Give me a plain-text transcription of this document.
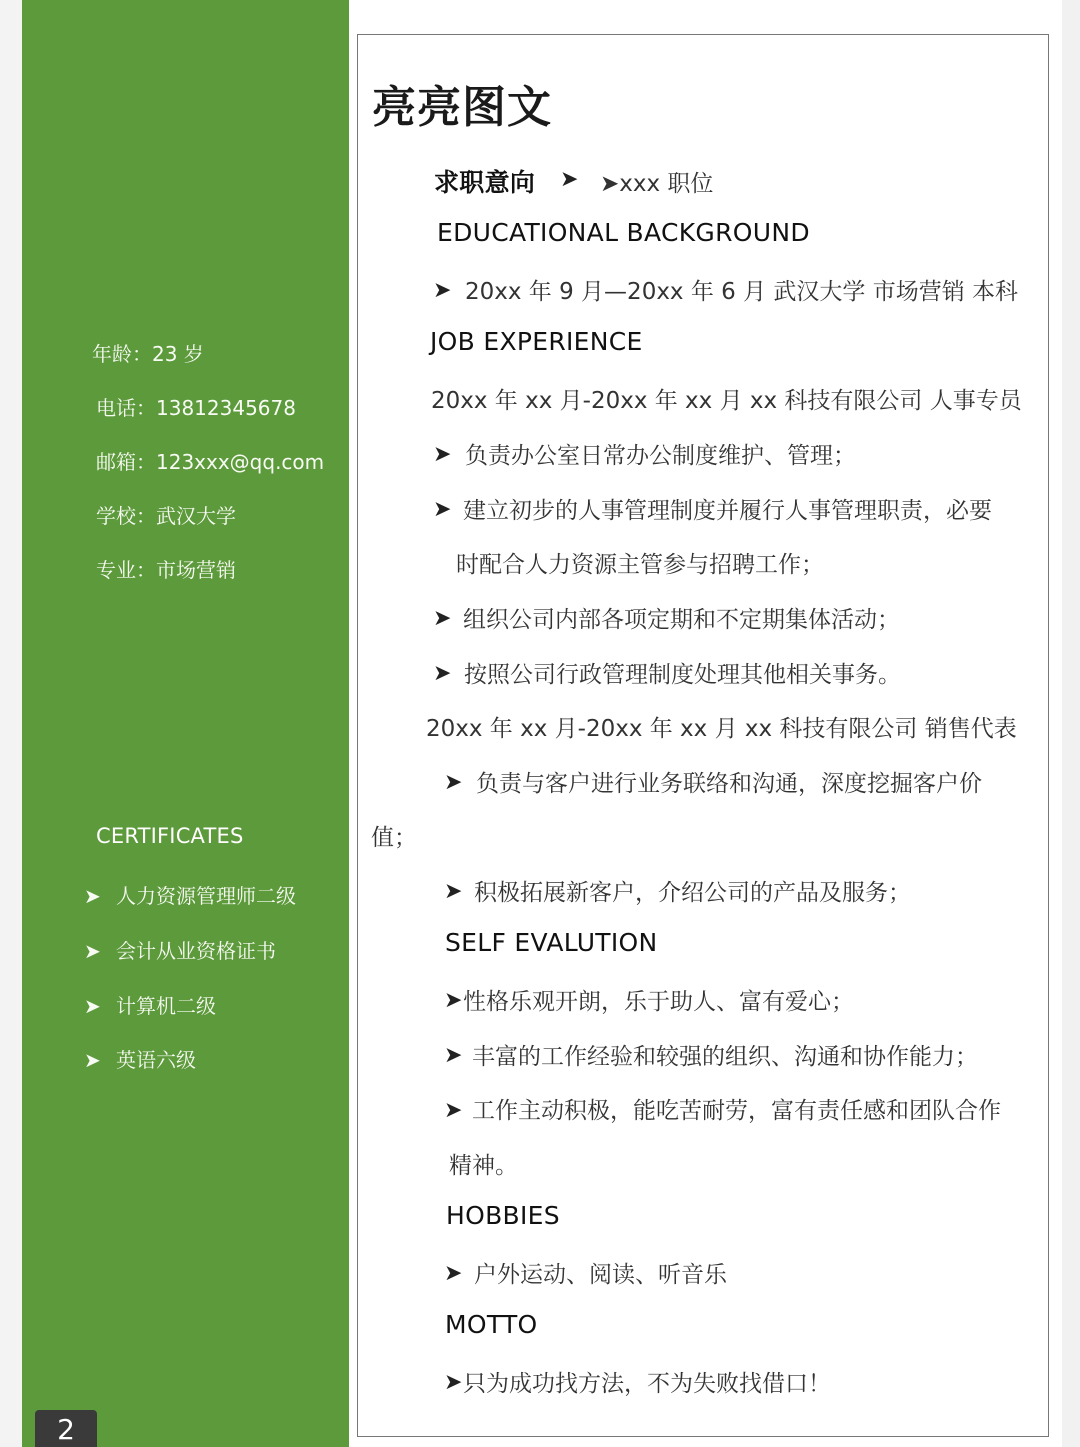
年龄：23 岁
电话：13812345678
邮箱：123xxx@qq.com
学校：武汉大学
专业：市场营销
CERTIFICATES
➤ 人力资源管理师二级
➤ 会计从业资格证书
➤ 计算机二级
➤ 英语六级
2
亮亮图文
求职意向 ➤ ➤xxx 职位
EDUCATIONAL BACKGROUND
➤ 20xx 年 9 月—20xx 年 6 月 武汉大学 市场营销 本科
JOB EXPERIENCE
20xx 年 xx 月-20xx 年 xx 月 xx 科技有限公司 人事专员
➤ 负责办公室日常办公制度维护、管理；
➤ 建立初步的人事管理制度并履行人事管理职责，必要
时配合人力资源主管参与招聘工作；
➤ 组织公司内部各项定期和不定期集体活动；
➤ 按照公司行政管理制度处理其他相关事务。
20xx 年 xx 月-20xx 年 xx 月 xx 科技有限公司 销售代表
➤ 负责与客户进行业务联络和沟通，深度挖掘客户价
值；
➤ 积极拓展新客户，介绍公司的产品及服务；
SELF EVALUTION
➤ 性格乐观开朗，乐于助人、富有爱心；
➤ 丰富的工作经验和较强的组织、沟通和协作能力；
➤ 工作主动积极，能吃苦耐劳，富有责任感和团队合作
精神。
HOBBIES
➤ 户外运动、阅读、听音乐
MOTTO
➤ 只为成功找方法，不为失败找借口！
